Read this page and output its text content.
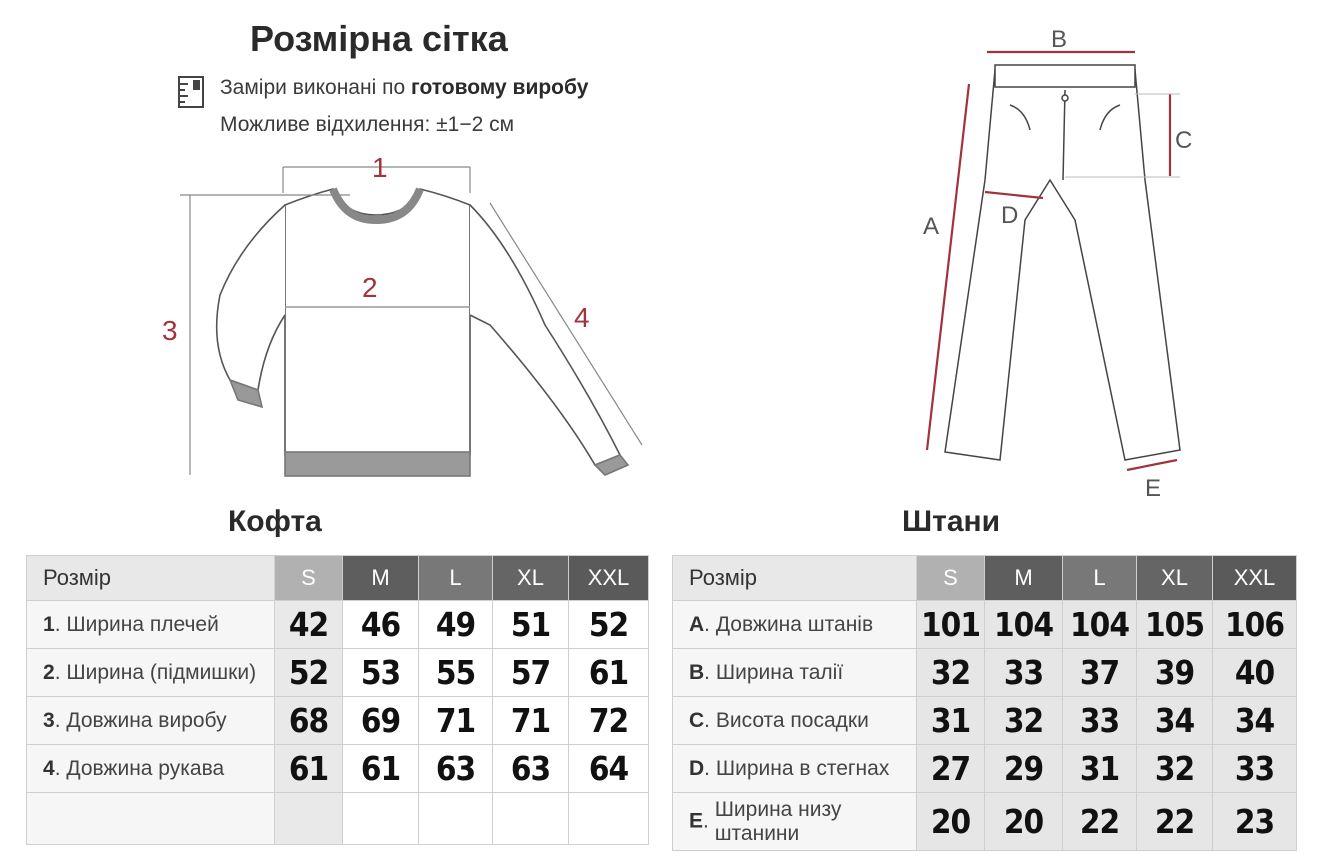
Розмірна сітка
Заміри виконані по готовому виробу
Можливе відхилення: ±1−2 см
1
2
3	4
B
C
D
A
E
Кофта	Штани
Розмір	S	M	L	XL	XXL
1. Ширина плечей	42	46	49	51	52
2. Ширина (підмишки)	52	53	55	57	61
3. Довжина виробу	68	69	71	71	72
4. Довжина рукава	61	61	63	63	64

Розмір	S	M	L	XL	XXL
A. Довжина штанів	101	104	104	105	106
B. Ширина талії	32	33	37	39	40
C. Висота посадки	31	32	33	34	34
D. Ширина в стегнах	27	29	31	32	33
E. Ширина низу штанини	20	20	22	22	23
